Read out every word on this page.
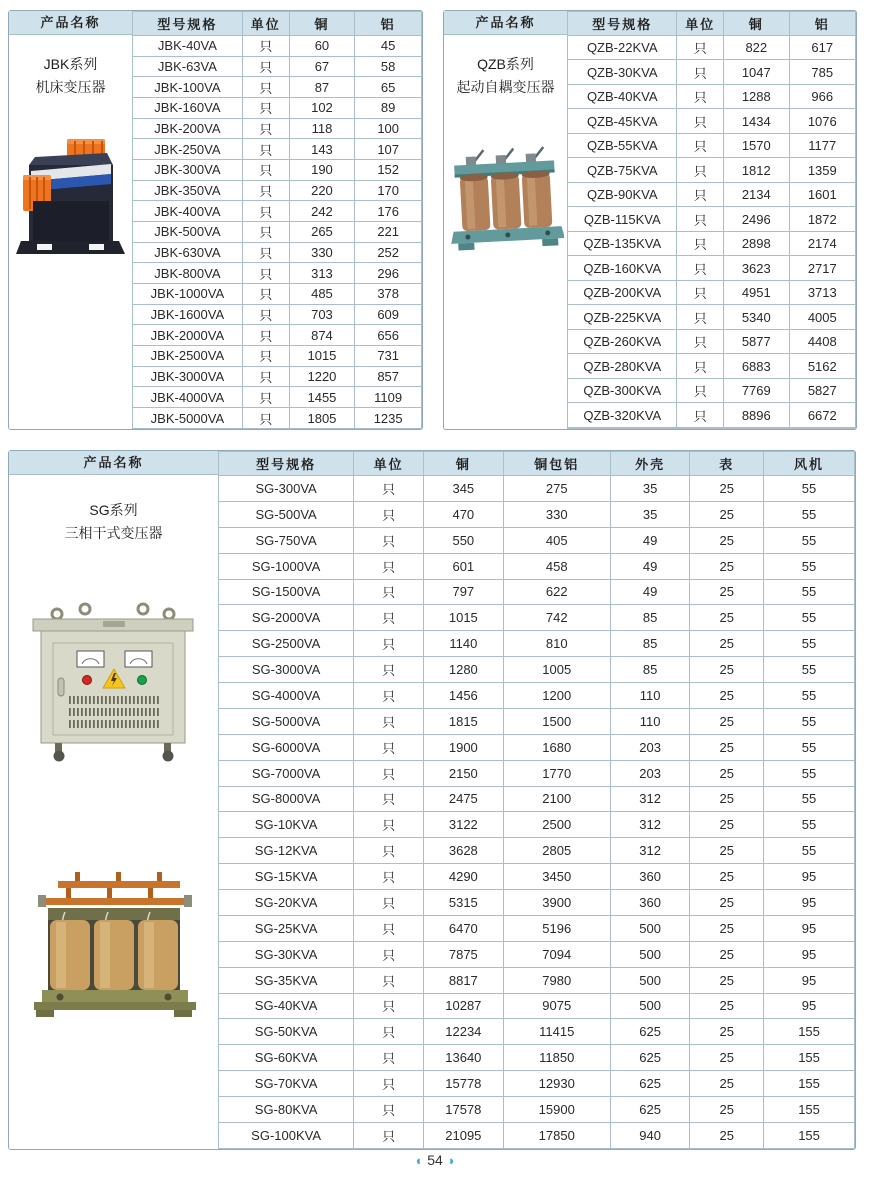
产品名称
JBK系列
机床变压器
型号规格	单位	铜	铝
JBK-40VA	只	60	45
JBK-63VA	只	67	58
JBK-100VA	只	87	65
JBK-160VA	只	102	89
JBK-200VA	只	118	100
JBK-250VA	只	143	107
JBK-300VA	只	190	152
JBK-350VA	只	220	170
JBK-400VA	只	242	176
JBK-500VA	只	265	221
JBK-630VA	只	330	252
JBK-800VA	只	313	296
JBK-1000VA	只	485	378
JBK-1600VA	只	703	609
JBK-2000VA	只	874	656
JBK-2500VA	只	1015	731
JBK-3000VA	只	1220	857
JBK-4000VA	只	1455	1109
JBK-5000VA	只	1805	1235
产品名称
QZB系列
起动自耦变压器
型号规格	单位	铜	铝
QZB-22KVA	只	822	617
QZB-30KVA	只	1047	785
QZB-40KVA	只	1288	966
QZB-45KVA	只	1434	1076
QZB-55KVA	只	1570	1177
QZB-75KVA	只	1812	1359
QZB-90KVA	只	2134	1601
QZB-115KVA	只	2496	1872
QZB-135KVA	只	2898	2174
QZB-160KVA	只	3623	2717
QZB-200KVA	只	4951	3713
QZB-225KVA	只	5340	4005
QZB-260KVA	只	5877	4408
QZB-280KVA	只	6883	5162
QZB-300KVA	只	7769	5827
QZB-320KVA	只	8896	6672

产品名称
SG系列
三相干式变压器
型号规格	单位	铜	铜包铝	外壳	表	风机
SG-300VA	只	345	275	35	25	55
SG-500VA	只	470	330	35	25	55
SG-750VA	只	550	405	49	25	55
SG-1000VA	只	601	458	49	25	55
SG-1500VA	只	797	622	49	25	55
SG-2000VA	只	1015	742	85	25	55
SG-2500VA	只	1140	810	85	25	55
SG-3000VA	只	1280	1005	85	25	55
SG-4000VA	只	1456	1200	110	25	55
SG-5000VA	只	1815	1500	110	25	55
SG-6000VA	只	1900	1680	203	25	55
SG-7000VA	只	2150	1770	203	25	55
SG-8000VA	只	2475	2100	312	25	55
SG-10KVA	只	3122	2500	312	25	55
SG-12KVA	只	3628	2805	312	25	55
SG-15KVA	只	4290	3450	360	25	95
SG-20KVA	只	5315	3900	360	25	95
SG-25KVA	只	6470	5196	500	25	95
SG-30KVA	只	7875	7094	500	25	95
SG-35KVA	只	8817	7980	500	25	95
SG-40KVA	只	10287	9075	500	25	95
SG-50KVA	只	12234	11415	625	25	155
SG-60KVA	只	13640	11850	625	25	155
SG-70KVA	只	15778	12930	625	25	155
SG-80KVA	只	17578	15900	625	25	155
SG-100KVA	只	21095	17850	940	25	155
◖ 54 ◗
